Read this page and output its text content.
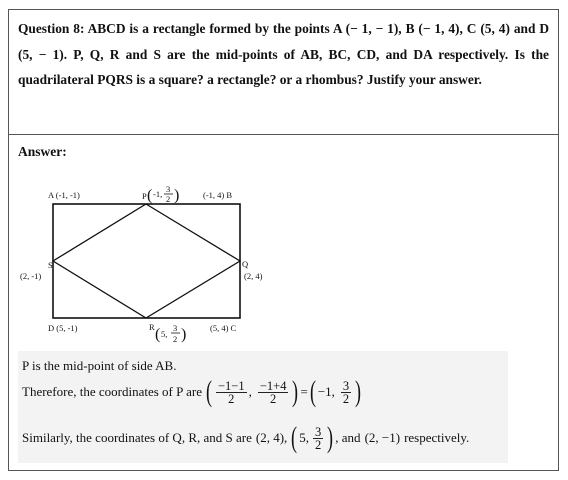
Question 8: ABCD is a rectangle formed by the points A (− 1, − 1), B (− 1, 4), C (5, 4) and D (5, − 1). P, Q, R and S are the mid-points of AB, BC, CD, and DA respectively. Is the quadrilateral PQRS is a square? a rectangle? or a rhombus? Justify your answer.
Answer:
A (-1, -1)	(-1, 4) B
(5, 4) C
D (5, -1)
P ( -1, 3
2 )
Q
(2, 4)
R ( 5,
3
2 )
S
(2, -1)
P is the mid-point of side AB.
Therefore, the coordinates of P are ( $\frac{-1-1}{2}$ , $\frac{-1+4}{2}$ ) = ( −1, $\frac{3}{2}$ )
Similarly, the coordinates of Q, R, and S are (2, 4), ( 5, $\frac{3}{2}$ ) , and (2, −1) respectively.
